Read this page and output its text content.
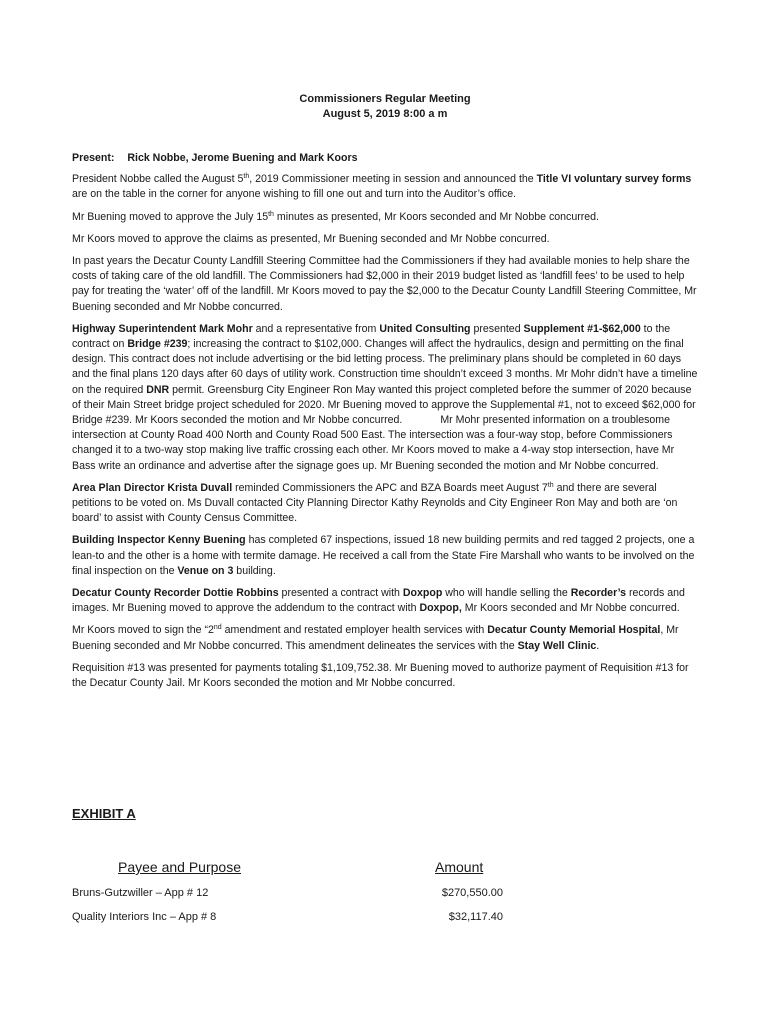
Commissioners Regular Meeting
August 5, 2019 8:00 a m

Present: Rick Nobbe, Jerome Buening and Mark Koors

President Nobbe called the August 5th, 2019 Commissioner meeting in session and announced the Title VI voluntary survey forms are on the table in the corner for anyone wishing to fill one out and turn into the Auditor’s office.

Mr Buening moved to approve the July 15th minutes as presented, Mr Koors seconded and Mr Nobbe concurred.

Mr Koors moved to approve the claims as presented, Mr Buening seconded and Mr Nobbe concurred.

In past years the Decatur County Landfill Steering Committee had the Commissioners if they had available monies to help share the costs of taking care of the old landfill. The Commissioners had $2,000 in their 2019 budget listed as ‘landfill fees’ to be used to help pay for treating the ‘water’ off of the landfill. Mr Koors moved to pay the $2,000 to the Decatur County Landfill Steering Committee, Mr Buening seconded and Mr Nobbe concurred.

Highway Superintendent Mark Mohr and a representative from United Consulting presented Supplement #1-$62,000 to the contract on Bridge #239; increasing the contract to $102,000. Changes will affect the hydraulics, design and permitting on the final design. This contract does not include advertising or the bid letting process. The preliminary plans should be completed in 60 days and the final plans 120 days after 60 days of utility work. Construction time shouldn’t exceed 3 months. Mr Mohr didn’t have a timeline on the required DNR permit. Greensburg City Engineer Ron May wanted this project completed before the summer of 2020 because of their Main Street bridge project scheduled for 2020. Mr Buening moved to approve the Supplemental #1, not to exceed $62,000 for Bridge #239. Mr Koors seconded the motion and Mr Nobbe concurred.	Mr Mohr presented information on a troublesome intersection at County Road 400 North and County Road 500 East. The intersection was a four-way stop, before Commissioners changed it to a two-way stop making live traffic crossing each other. Mr Koors moved to make a 4-way stop intersection, have Mr Bass write an ordinance and advertise after the signage goes up. Mr Buening seconded the motion and Mr Nobbe concurred.

Area Plan Director Krista Duvall reminded Commissioners the APC and BZA Boards meet August 7th and there are several petitions to be voted on. Ms Duvall contacted City Planning Director Kathy Reynolds and City Engineer Ron May and both are ‘on board’ to assist with County Census Committee.

Building Inspector Kenny Buening has completed 67 inspections, issued 18 new building permits and red tagged 2 projects, one a lean-to and the other is a home with termite damage. He received a call from the State Fire Marshall who wants to be involved on the final inspection on the Venue on 3 building.

Decatur County Recorder Dottie Robbins presented a contract with Doxpop who will handle selling the Recorder’s records and images. Mr Buening moved to approve the addendum to the contract with Doxpop, Mr Koors seconded and Mr Nobbe concurred.

Mr Koors moved to sign the “2nd amendment and restated employer health services with Decatur County Memorial Hospital, Mr Buening seconded and Mr Nobbe concurred. This amendment delineates the services with the Stay Well Clinic.

Requisition #13 was presented for payments totaling $1,109,752.38. Mr Buening moved to authorize payment of Requisition #13 for the Decatur County Jail. Mr Koors seconded the motion and Mr Nobbe concurred.

EXHIBIT A
Payee and Purpose	Amount
Bruns-Gutzwiller – App # 12	$270,550.00
Quality Interiors Inc – App # 8	$32,117.40
